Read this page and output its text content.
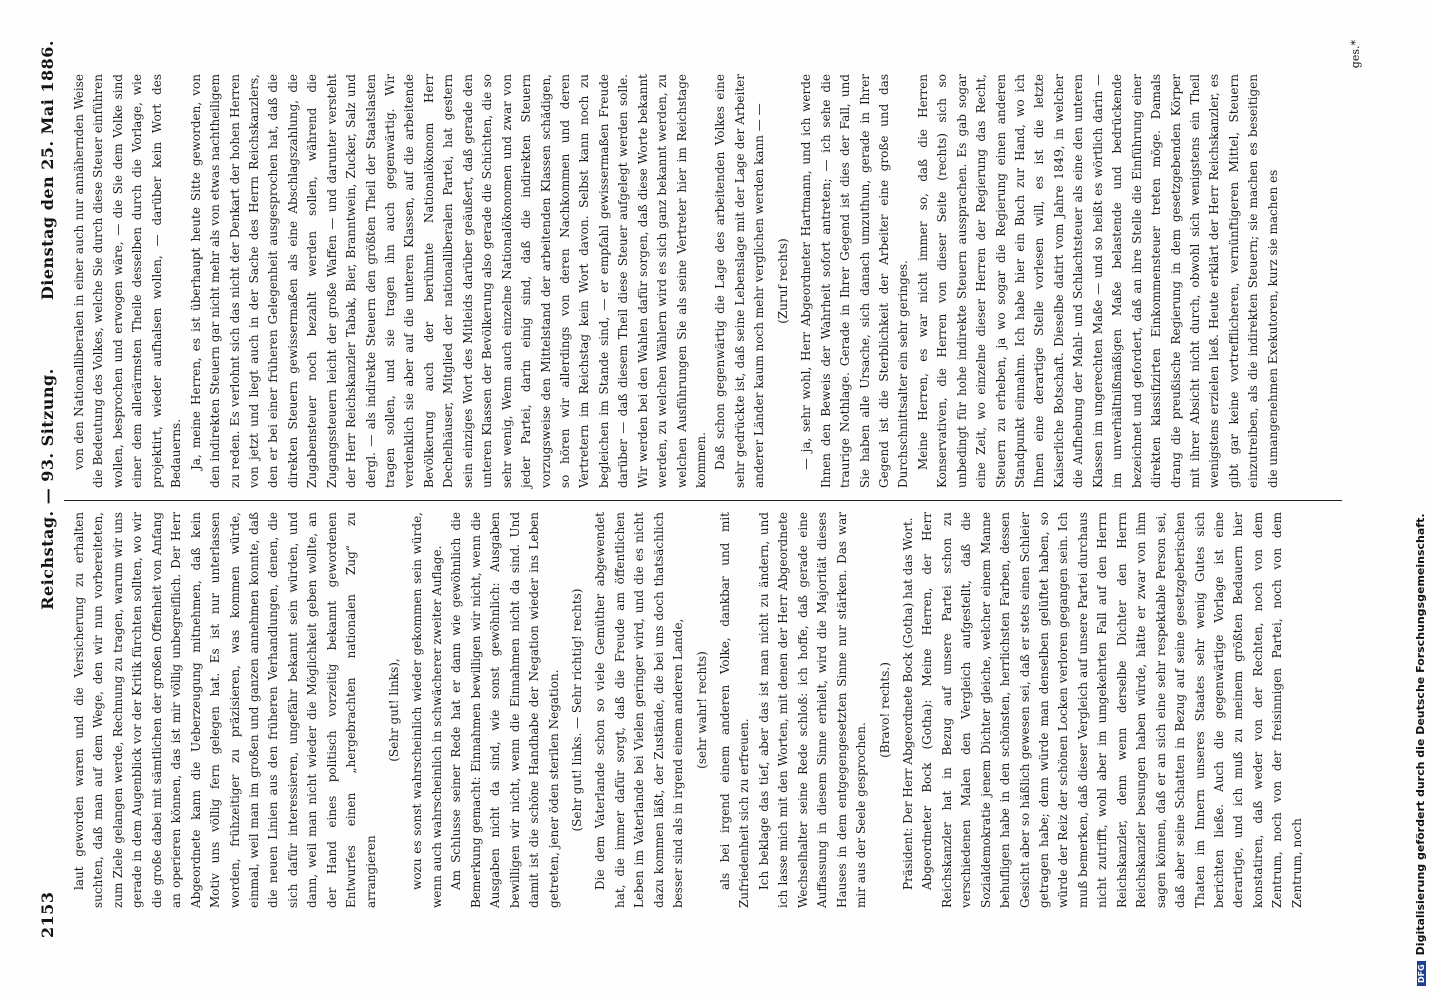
2153
Reichstag. — 93. Sitzung.
Dienstag den 25. Mai 1886.

laut geworden waren und die Versicherung zu erhalten suchten, daß man auf dem Wege, den wir nun vorbereiteten, zum Ziele gelangen werde, Rechnung zu tragen, warum wir uns gerade in dem Augenblick vor der Kritik fürchten sollten, wo wir die große dabei mit sämtlichen der großen Offenheit von Anfang an operieren können, das ist mir völlig unbegreiflich. Der Herr Abgeordnete kann die Ueberzeugung mitnehmen, daß kein Motiv uns völlig fern gelegen hat. Es ist nur unterlassen worden, frühzeitiger zu präzisieren, was kommen würde, einmal, weil man im großen und ganzen annehmen konnte, daß die neuen Linien aus den früheren Verhandlungen, denen, die sich dafür interessieren, ungefähr bekannt sein würden, und dann, weil man nicht wieder die Möglichkeit geben wollte, an der Hand eines politisch vorzeitig bekannt gewordenen Entwurfes einen „hergebrachten nationalen Zug“ zu arrangieren

(Sehr gut! links), wozu es sonst wahrscheinlich wieder gekommen sein würde, wenn auch wahrscheinlich in schwächerer zweiter Auflage. Am Schlusse seiner Rede hat er dann wie gewöhnlich die Bemerkung gemacht: Einnahmen bewilligen wir nicht, wenn die Ausgaben nicht da sind, wie sonst gewöhnlich: Ausgaben bewilligen wir nicht, wenn die Einnahmen nicht da sind. Und damit ist die schöne Handhabe der Negation wieder ins Leben getreten, jener öden sterilen Negation. (Sehr gut! links. — Sehr richtig! rechts) Die dem Vaterlande schon so viele Gemüther abgewendet hat, die immer dafür sorgt, daß die Freude am öffentlichen Leben im Vaterlande bei Vielen geringer wird, und die es nicht dazu kommen läßt, der Zustände, die bei uns doch thatsächlich besser sind als in irgend einem anderen Lande, (sehr wahr! rechts) als bei irgend einem anderen Volke, dankbar und mit Zufriedenheit sich zu erfreuen. Ich beklage das tief, aber das ist man nicht zu ändern, und ich lasse mich mit den Worten, mit denen der Herr Abgeordnete Wechselhalter seine Rede schloß: ich hoffe, daß gerade eine Auffassung in diesem Sinne erhielt, wird die Majorität dieses Hauses in dem entgegengesetzten Sinne nur stärken. Das war mir aus der Seele gesprochen.

(Bravo! rechts.) Präsident: Der Herr Abgeordnete Bock (Gotha) hat das Wort. Abgeordneter Bock (Gotha): Meine Herren, der Herr Reichskanzler hat in Bezug auf unsere Partei schon zu verschiedenen Malen den Vergleich aufgestellt, daß die Sozialdemokratie jenem Dichter gleiche, welcher einem Manne behufligen habe in den schönsten, herrlichsten Farben, dessen Gesicht aber so häßlich gewesen sei, daß er stets einen Schleier getragen habe; denn würde man denselben gelüftet haben, so würde der Reiz der schönen Locken verloren gegangen sein. Ich muß bemerken, daß dieser Vergleich auf unsere Partei durchaus nicht zutrifft, wohl aber im umgekehrten Fall auf den Herrn Reichskanzler, denn wenn derselbe Dichter den Herrn Reichskanzler besungen haben würde, hätte er zwar von ihm sagen können, daß er an sich eine sehr respektable Person sei, daß aber seine Schatten in Bezug auf seine gesetzgeberischen Thaten im Innern unseres Staates sehr wenig Gutes sich berichten ließe. Auch die gegenwärtige Vorlage ist eine derartige, und ich muß zu meinem größten Bedauern hier konstatiren, daß weder von der Rechten, noch von dem Zentrum, noch von der freisinnigen Partei, noch von dem Zentrum, noch

von den Nationalliberalen in einer auch nur annähernden Weise die Bedeutung des Volkes, welche Sie durch diese Steuer einführen wollen, besprochen und erwogen wäre, — die Sie dem Volke sind einer dem allerärmsten Theile desselben durch die Vorlage, wie projektirt, wieder aufhalsen wollen, — darüber kein Wort des Bedauerns. Ja, meine Herren, es ist überhaupt heute Sitte geworden, von den indirekten Steuern gar nicht mehr als von etwas nachtheiligem zu reden. Es verlohnt sich das nicht der Denkart der hohen Herren von jetzt und liegt auch in der Sache des Herrn Reichskanzlers, den er bei einer früheren Gelegenheit ausgesprochen hat, daß die direkten Steuern gewissermaßen als eine Abschlagszahlung, die Zugabensteuer noch bezahlt werden sollen, während die Zugangssteuern leicht der große Waffen — und darunter versteht der Herr Reichskanzler Tabak, Bier, Branntwein, Zucker, Salz und dergl. — als indirekte Steuern den größten Theil der Staatslasten tragen sollen, und sie tragen ihn auch gegenwärtig. Wir verdenklich sie aber auf die unteren Klassen, auf die arbeitende Bevölkerung auch der berühmte Nationalökonom Herr Dechelhäuser, Mitglied der nationalliberalen Partei, hat gestern sein einziges Wort des Mitleids darüber geäußert, daß gerade den unteren Klassen der Bevölkerung also gerade die Schichten, die so sehr wenig, Wenn auch einzelne Nationalökonomen und zwar von jeder Partei, darin einig sind, daß die indirekten Steuern vorzugsweise den Mittelstand der arbeitenden Klassen schädigen, so hören wir allerdings von deren Nachkommen und deren Vertretern im Reichstag kein Wort davon. Selbst kann noch zu begleichen im Stande sind, — er empfahl gewissermaßen Freude darüber — daß diesem Theil diese Steuer aufgelegt werden solle. Wir werden bei den Wahlen dafür sorgen, daß diese Worte bekannt werden, zu welchen Wählern wird es sich ganz bekannt werden, zu welchen Ausführungen Sie als seine Vertreter hier im Reichstage kommen. Daß schon gegenwärtig die Lage des arbeitenden Volkes eine sehr gedrückte ist, daß seine Lebenslage mit der Lage der Arbeiter anderer Länder kaum noch mehr verglichen werden kann — — (Zuruf rechts) — ja, sehr wohl, Herr Abgeordneter Hartmann, und ich werde Ihnen den Beweis der Wahrheit sofort antreten; — ich sehe die traurige Nothlage. Gerade in Ihrer Gegend ist dies der Fall, und Sie haben alle Ursache, sich danach umzuthun, gerade in Ihrer Gegend ist die Sterblichkeit der Arbeiter eine große und das Durchschnittsalter ein sehr geringes. Meine Herren, es war nicht immer so, daß die Herren Konservativen, die Herren von dieser Seite (rechts) sich so unbedingt für hohe indirekte Steuern aussprachen. Es gab sogar eine Zeit, wo einzelne dieser Herren der Regierung das Recht, Steuern zu erheben, ja wo sogar die Regierung einen anderen Standpunkt einnahm. Ich habe hier ein Buch zur Hand, wo ich Ihnen eine derartige Stelle vorlesen will, es ist die letzte Kaiserliche Botschaft. Dieselbe datirt vom Jahre 1849, in welcher die Aufhebung der Mahl- und Schlachtsteuer als eine den unteren Klassen im ungerechten Maße — und so heißt es wörtlich darin — im unverhältnißmäßigen Maße belastende und bedrückende bezeichnet und gefordert, daß an ihre Stelle die Einführung einer direkten klassifizirten Einkommensteuer treten möge. Damals drang die preußische Regierung in dem gesetzgebenden Körper mit ihrer Absicht nicht durch, obwohl sich wenigstens ein Theil wenigstens erzielen ließ. Heute erklärt der Herr Reichskanzler, es gibt gar keine vortrefflicheren, vernünftigeren Mittel, Steuern einzutreiben, als die indirekten Steuern; sie machen es beseitigen die umangenehmen Exekutoren, kurz sie machen es

ges.*
DFGDigitalisierung gefördert durch die Deutsche Forschungsgemeinschaft.
